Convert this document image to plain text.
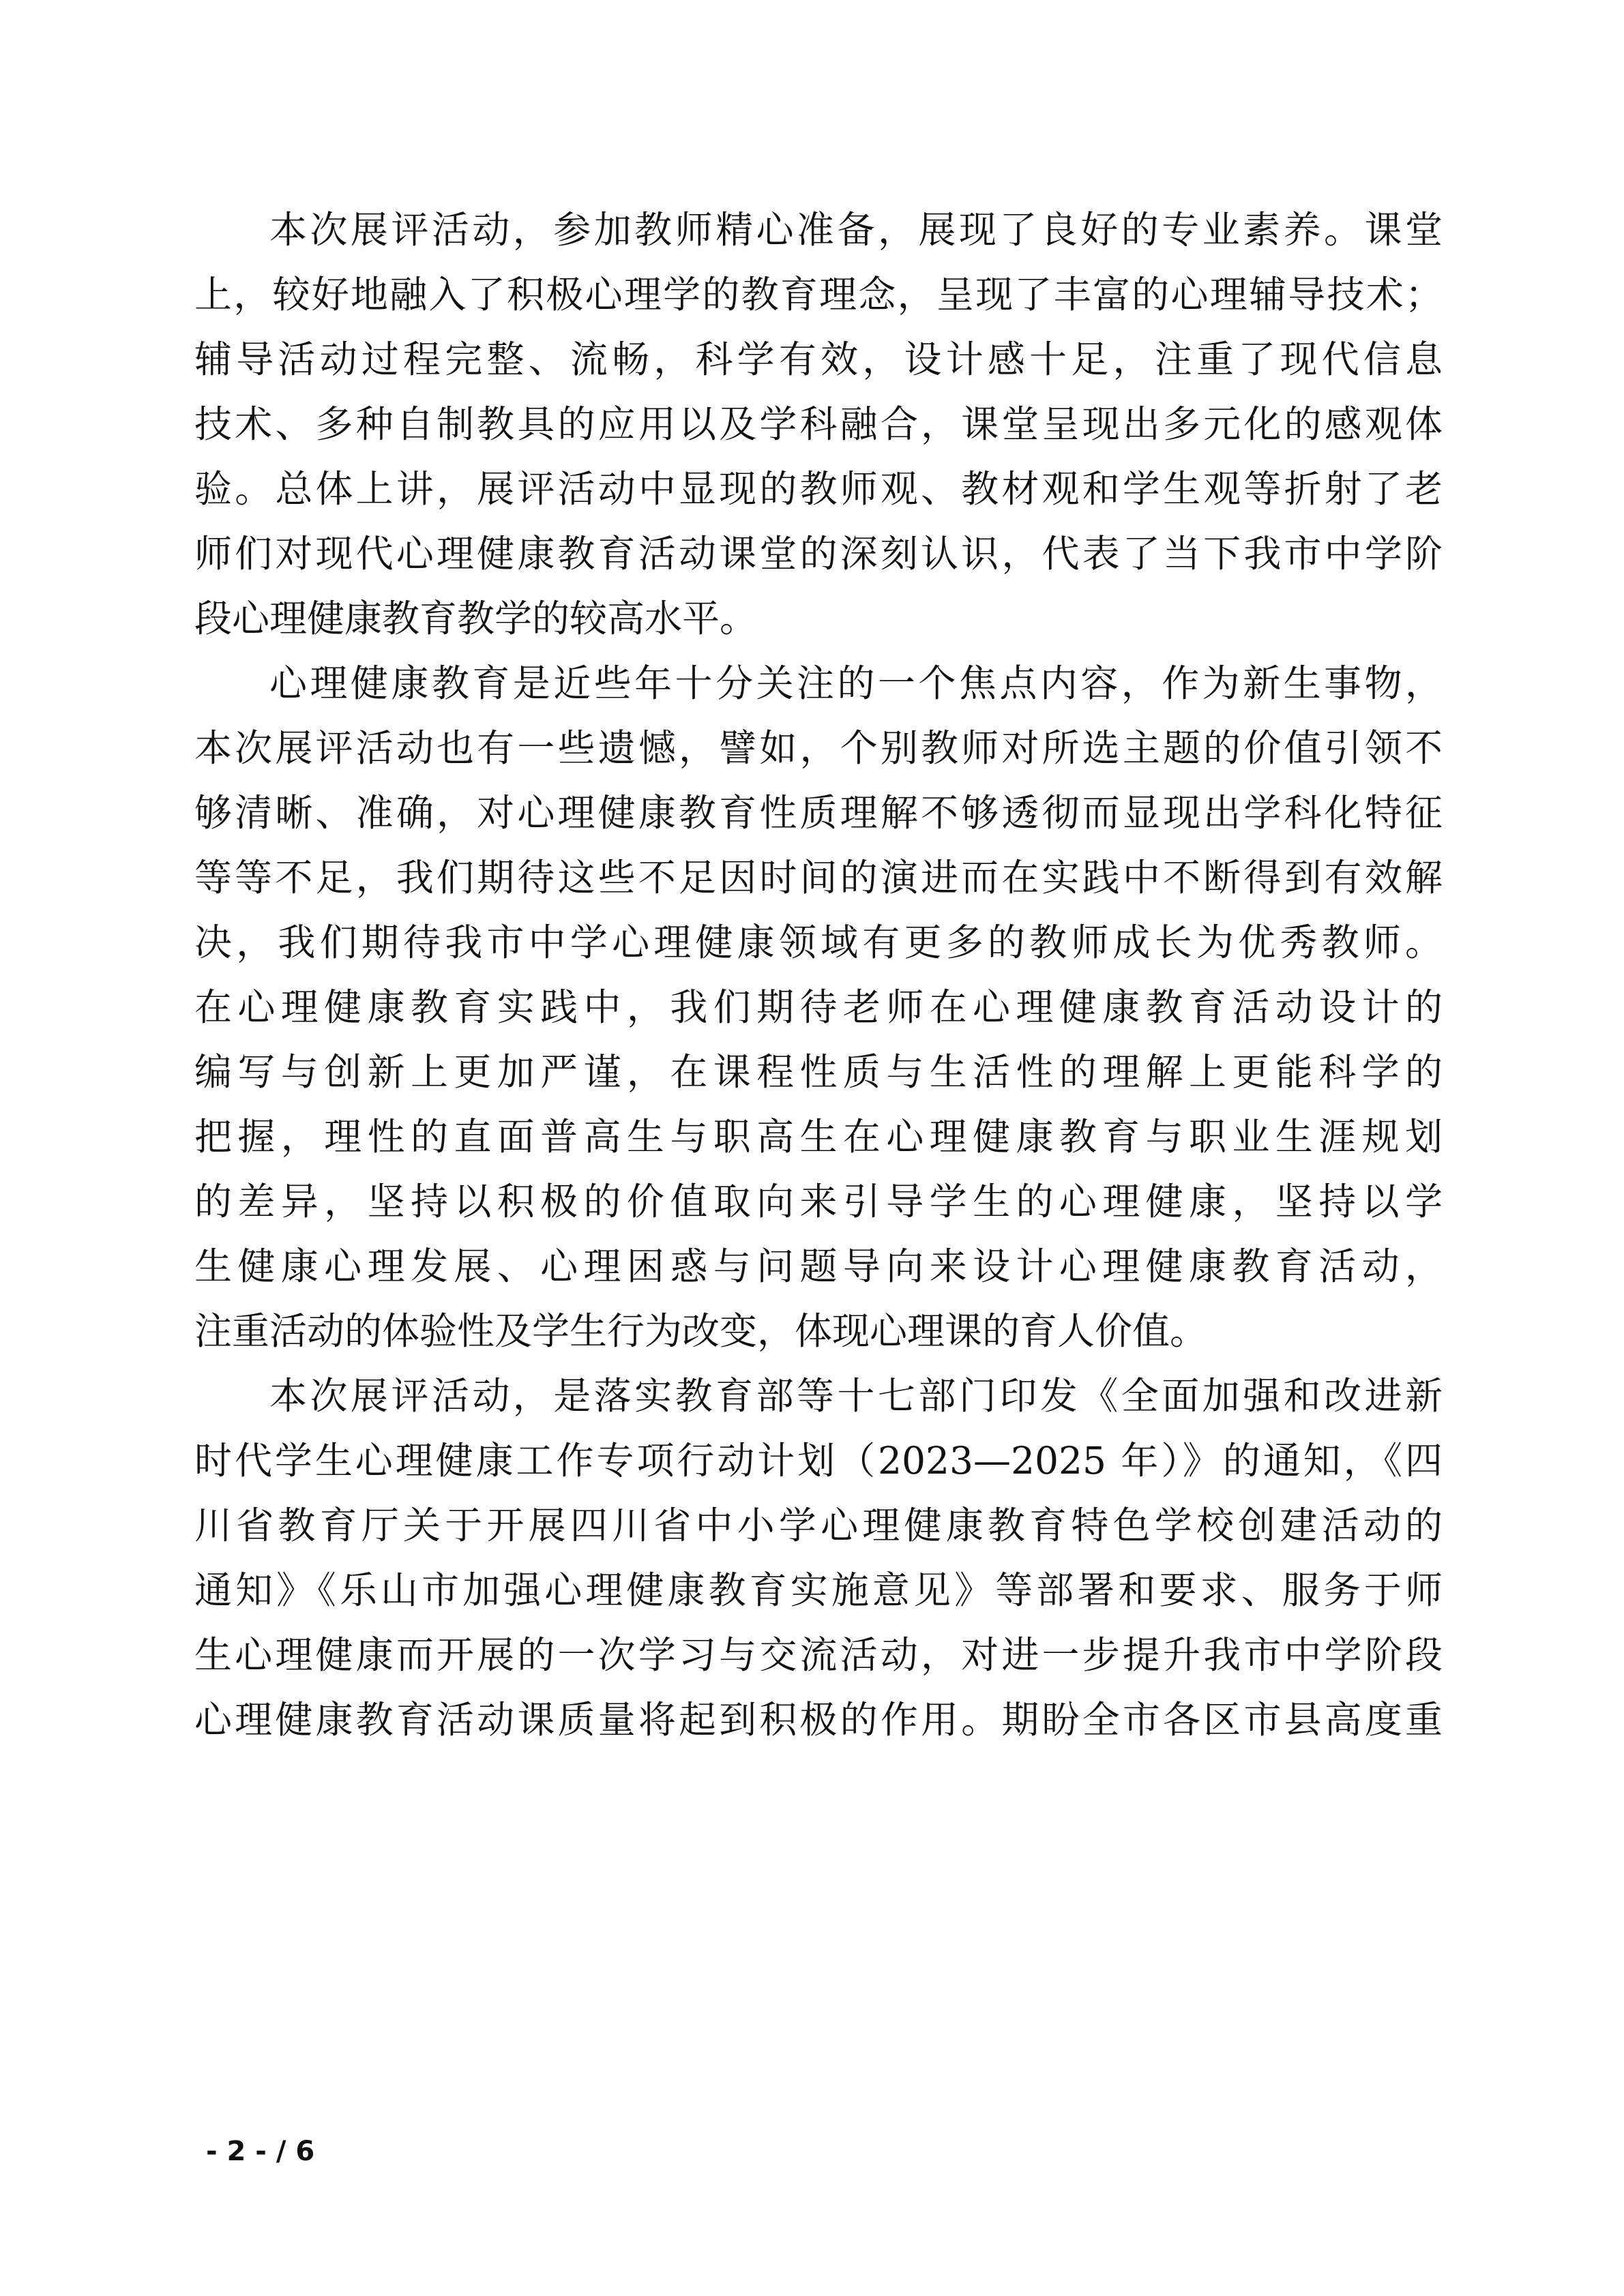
本次展评活动，参加教师精心准备，展现了良好的专业素养。课堂
上，较好地融入了积极心理学的教育理念，呈现了丰富的心理辅导技术；
辅导活动过程完整、流畅，科学有效，设计感十足，注重了现代信息
技术、多种自制教具的应用以及学科融合，课堂呈现出多元化的感观体
验。总体上讲，展评活动中显现的教师观、教材观和学生观等折射了老
师们对现代心理健康教育活动课堂的深刻认识，代表了当下我市中学阶
段心理健康教育教学的较高水平。
心理健康教育是近些年十分关注的一个焦点内容，作为新生事物，
本次展评活动也有一些遗憾，譬如，个别教师对所选主题的价值引领不
够清晰、准确，对心理健康教育性质理解不够透彻而显现出学科化特征
等等不足，我们期待这些不足因时间的演进而在实践中不断得到有效解
决，我们期待我市中学心理健康领域有更多的教师成长为优秀教师。
在心理健康教育实践中，我们期待老师在心理健康教育活动设计的
编写与创新上更加严谨，在课程性质与生活性的理解上更能科学的
把握，理性的直面普高生与职高生在心理健康教育与职业生涯规划
的差异，坚持以积极的价值取向来引导学生的心理健康，坚持以学
生健康心理发展、心理困惑与问题导向来设计心理健康教育活动，
注重活动的体验性及学生行为改变，体现心理课的育人价值。
本次展评活动，是落实教育部等十七部门印发《全面加强和改进新
时代学生心理健康工作专项行动计划（2023—2025 年）》的通知，《四
川省教育厅关于开展四川省中小学心理健康教育特色学校创建活动的
通知》《乐山市加强心理健康教育实施意见》等部署和要求、服务于师
生心理健康而开展的一次学习与交流活动，对进一步提升我市中学阶段
心理健康教育活动课质量将起到积极的作用。期盼全市各区市县高度重
- 2 - / 6
